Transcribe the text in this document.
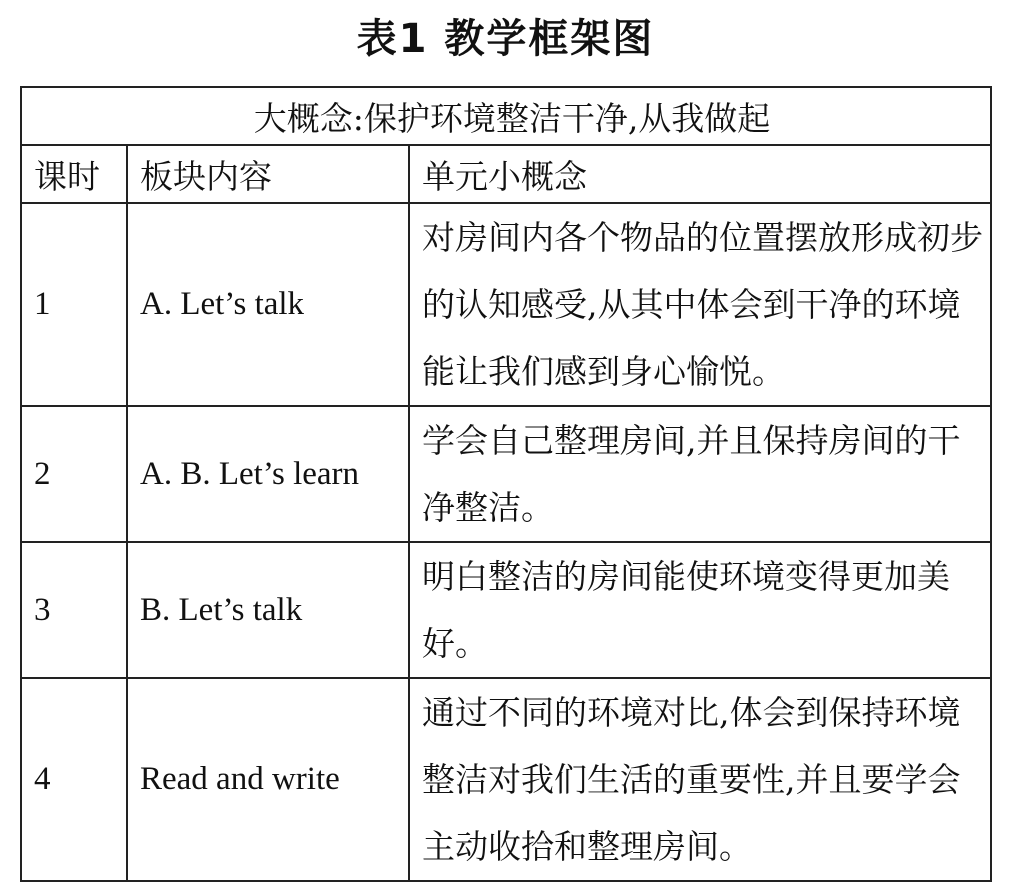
表1 教学框架图
大概念:保护环境整洁干净,从我做起		
课时	板块内容	单元小概念
1	A. Let’s talk	对房间内各个物品的位置摆放形成初步的认知感受,从其中体会到干净的环境能让我们感到身心愉悦。
2	A. B. Let’s learn	学会自己整理房间,并且保持房间的干净整洁。
3	B. Let’s talk	明白整洁的房间能使环境变得更加美好。
4	Read and write	通过不同的环境对比,体会到保持环境整洁对我们生活的重要性,并且要学会主动收拾和整理房间。
